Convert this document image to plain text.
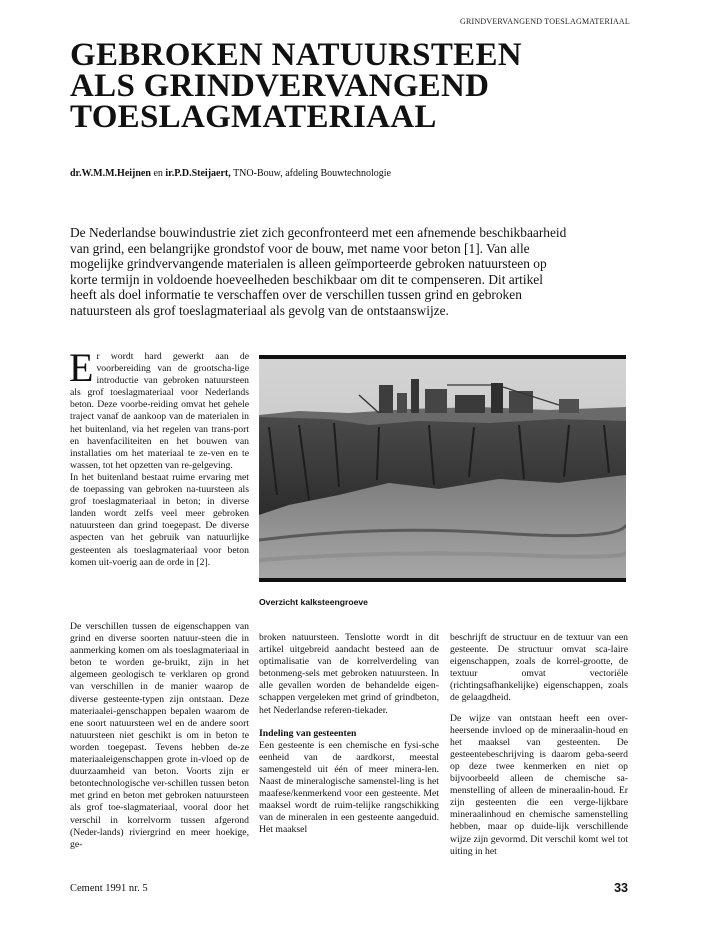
GRINDVERVANGEND TOESLAGMATERIAAL
GEBROKEN NATUURSTEEN
ALS GRINDVERVANGEND
TOESLAGMATERIAAL
dr.W.M.M.Heijnen en ir.P.D.Steijaert, TNO-Bouw, afdeling Bouwtechnologie

De Nederlandse bouwindustrie ziet zich geconfronteerd met een afnemende beschikbaarheid van grind, een belangrijke grondstof voor de bouw, met name voor beton [1]. Van alle mogelijke grindvervangende materialen is alleen geïmporteerde gebroken natuursteen op korte termijn in voldoende hoeveelheden beschikbaar om dit te compenseren. Dit artikel heeft als doel informatie te verschaffen over de verschillen tussen grind en gebroken natuursteen als grof toeslagmateriaal als gevolg van de ontstaanswijze.

Er wordt hard gewerkt aan de voorbereiding van de grootscha-lige introductie van gebroken natuursteen als grof toeslagmateriaal voor Nederlands beton. Deze voorbe-reiding omvat het gehele traject vanaf de aankoop van de materialen in het buitenland, via het regelen van trans-port en havenfaciliteiten en het bouwen van installaties om het materiaal te ze-ven en te wassen, tot het opzetten van re-gelgeving.

In het buitenland bestaat ruime ervaring met de toepassing van gebroken na-tuursteen als grof toeslagmateriaal in beton; in diverse landen wordt zelfs veel meer gebroken natuursteen dan grind toegepast. De diverse aspecten van het gebruik van natuurlijke gesteenten als toeslagmateriaal voor beton komen uit-voerig aan de orde in [2].

De verschillen tussen de eigenschappen van grind en diverse soorten natuur-steen die in aanmerking komen om als toeslagmateriaal in beton te worden ge-bruikt, zijn in het algemeen geologisch te verklaren op grond van verschillen in de manier waarop de diverse gesteente-typen zijn ontstaan. Deze materiaalei-genschappen bepalen waarom de ene soort natuursteen wel en de andere soort natuursteen niet geschikt is om in beton te worden toegepast. Tevens hebben de-ze materiaaleigenschappen grote in-vloed op de duurzaamheid van beton. Voorts zijn er betontechnologische ver-schillen tussen beton met grind en beton met gebroken natuursteen als grof toe-slagmateriaal, vooral door het verschil in korrelvorm tussen afgerond (Neder-lands) riviergrind en meer hoekige, ge-

Overzicht kalksteengroeve

broken natuursteen. Tenslotte wordt in dit artikel uitgebreid aandacht besteed aan de optimalisatie van de korrelverdeling van betonmeng-sels met gebroken natuursteen. In alle gevallen worden de behandelde eigen-schappen vergeleken met grind of grindbeton, het Nederlandse referen-tiekader.

Indeling van gesteenten

Een gesteente is een chemische en fysi-sche eenheid van de aardkorst, meestal samengesteld uit één of meer minera-len. Naast de mineralogische samenstel-ling is het maafese/kenmerkend voor een gesteente. Met maaksel wordt de ruim-telijke rangschikking van de mineralen in een gesteente aangeduid. Het maaksel

beschrijft de structuur en de textuur van een gesteente. De structuur omvat sca-laire eigenschappen, zoals de korrel-grootte, de textuur omvat vectoriële (richtingsafhankelijke) eigenschappen, zoals de gelaagdheid.

De wijze van ontstaan heeft een over-heersende invloed op de mineraalin-houd en het maaksel van gesteenten. De gesteentebeschrijving is daarom geba-seerd op deze twee kenmerken en niet op bijvoorbeeld alleen de chemische sa-menstelling of alleen de mineraalin-houd. Er zijn gesteenten die een verge-lijkbare mineraalinhoud en chemische samenstelling hebben, maar op duide-lijk verschillende wijze zijn gevormd. Dit verschil komt wel tot uiting in het

Cement 1991 nr. 5	33
